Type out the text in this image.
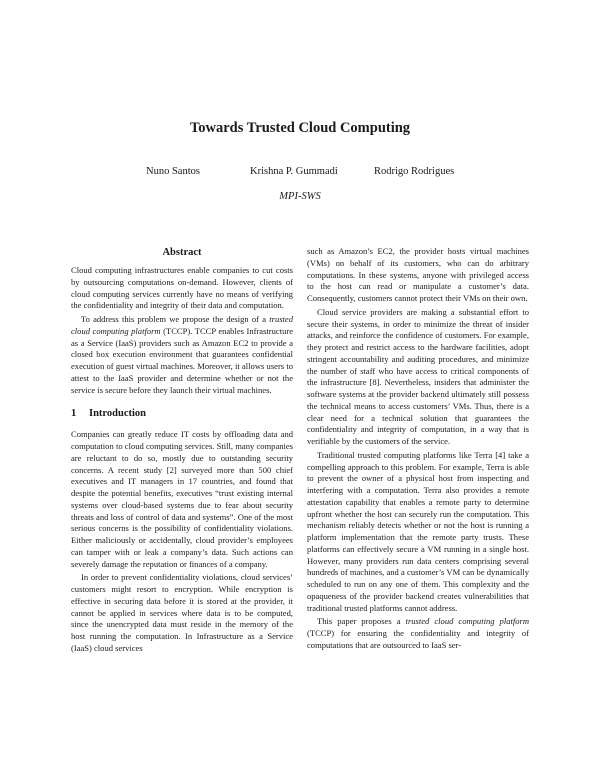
Towards Trusted Cloud Computing
Nuno Santos	Krishna P. Gummadi	Rodrigo Rodrigues
MPI-SWS
Abstract

Cloud computing infrastructures enable companies to cut costs by outsourcing computations on-demand. However, clients of cloud computing services currently have no means of verifying the confidentiality and integrity of their data and computation.

To address this problem we propose the design of a trusted cloud computing platform (TCCP). TCCP enables Infrastructure as a Service (IaaS) providers such as Amazon EC2 to provide a closed box execution environment that guarantees confidential execution of guest virtual machines. Moreover, it allows users to attest to the IaaS provider and determine whether or not the service is secure before they launch their virtual machines.

1 Introduction

Companies can greatly reduce IT costs by offloading data and computation to cloud computing services. Still, many companies are reluctant to do so, mostly due to outstanding security concerns. A recent study [2] surveyed more than 500 chief executives and IT managers in 17 countries, and found that despite the potential benefits, executives “trust existing internal systems over cloud-based systems due to fear about security threats and loss of control of data and systems”. One of the most serious concerns is the possibility of confidentiality violations. Either maliciously or accidentally, cloud provider’s employees can tamper with or leak a company’s data. Such actions can severely damage the reputation or finances of a company.

In order to prevent confidentiality violations, cloud services’ customers might resort to encryption. While encryption is effective in securing data before it is stored at the provider, it cannot be applied in services where data is to be computed, since the unencrypted data must reside in the memory of the host running the computation. In Infrastructure as a Service (IaaS) cloud services

such as Amazon’s EC2, the provider hosts virtual machines (VMs) on behalf of its customers, who can do arbitrary computations. In these systems, anyone with privileged access to the host can read or manipulate a customer’s data. Consequently, customers cannot protect their VMs on their own.

Cloud service providers are making a substantial effort to secure their systems, in order to minimize the threat of insider attacks, and reinforce the confidence of customers. For example, they protect and restrict access to the hardware facilities, adopt stringent accountability and auditing procedures, and minimize the number of staff who have access to critical components of the infrastructure [8]. Nevertheless, insiders that administer the software systems at the provider backend ultimately still possess the technical means to access customers’ VMs. Thus, there is a clear need for a technical solution that guarantees the confidentiality and integrity of computation, in a way that is verifiable by the customers of the service.

Traditional trusted computing platforms like Terra [4] take a compelling approach to this problem. For example, Terra is able to prevent the owner of a physical host from inspecting and interfering with a computation. Terra also provides a remote attestation capability that enables a remote party to determine upfront whether the host can securely run the computation. This mechanism reliably detects whether or not the host is running a platform implementation that the remote party trusts. These platforms can effectively secure a VM running in a single host. However, many providers run data centers comprising several hundreds of machines, and a customer’s VM can be dynamically scheduled to run on any one of them. This complexity and the opaqueness of the provider backend creates vulnerabilities that traditional trusted platforms cannot address.

This paper proposes a trusted cloud computing platform (TCCP) for ensuring the confidentiality and integrity of computations that are outsourced to IaaS ser-
